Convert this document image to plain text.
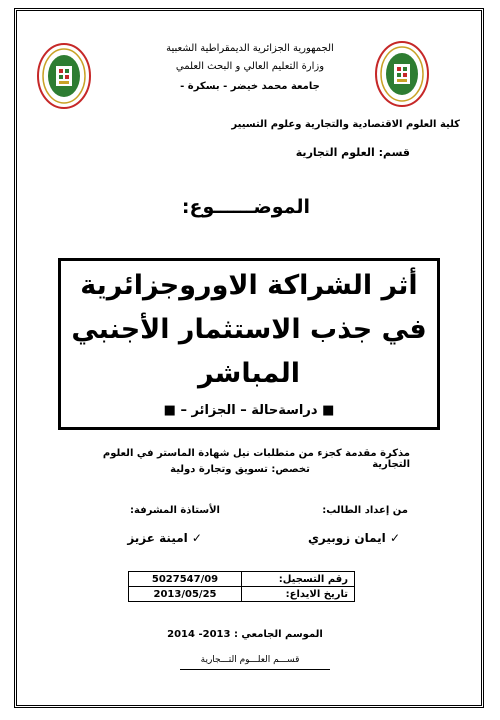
الجمهورية الجزائرية الديمقراطية الشعبية
وزارة التعليم العالي و البحث العلمي
جامعة محمد خيضر - بسكرة -
كلية العلوم الاقتصادية والتجارية وعلوم التسيير
قسم: العلوم التجارية
الموضــــــوع:
أثر الشراكة الاوروجزائرية
في جذب الاستثمار الأجنبي
المباشر
■ دراسةحالة – الجزائر – ■
مذكرة مقدمة كجزء من متطلبات نيل شهادة الماستر في العلوم التجارية
تخصص: تسويق وتجارة دولية
من إعداد الطالب:
الأستاذة المشرفة:
✓ ايمان زوبيري
✓ امينة عزيز
رقم التسجيل:	5027547/09
تاريخ الايداع:	2013/05/25
الموسم الجامعي : 2013- 2014
قســـم العلـــوم التـــجارية
